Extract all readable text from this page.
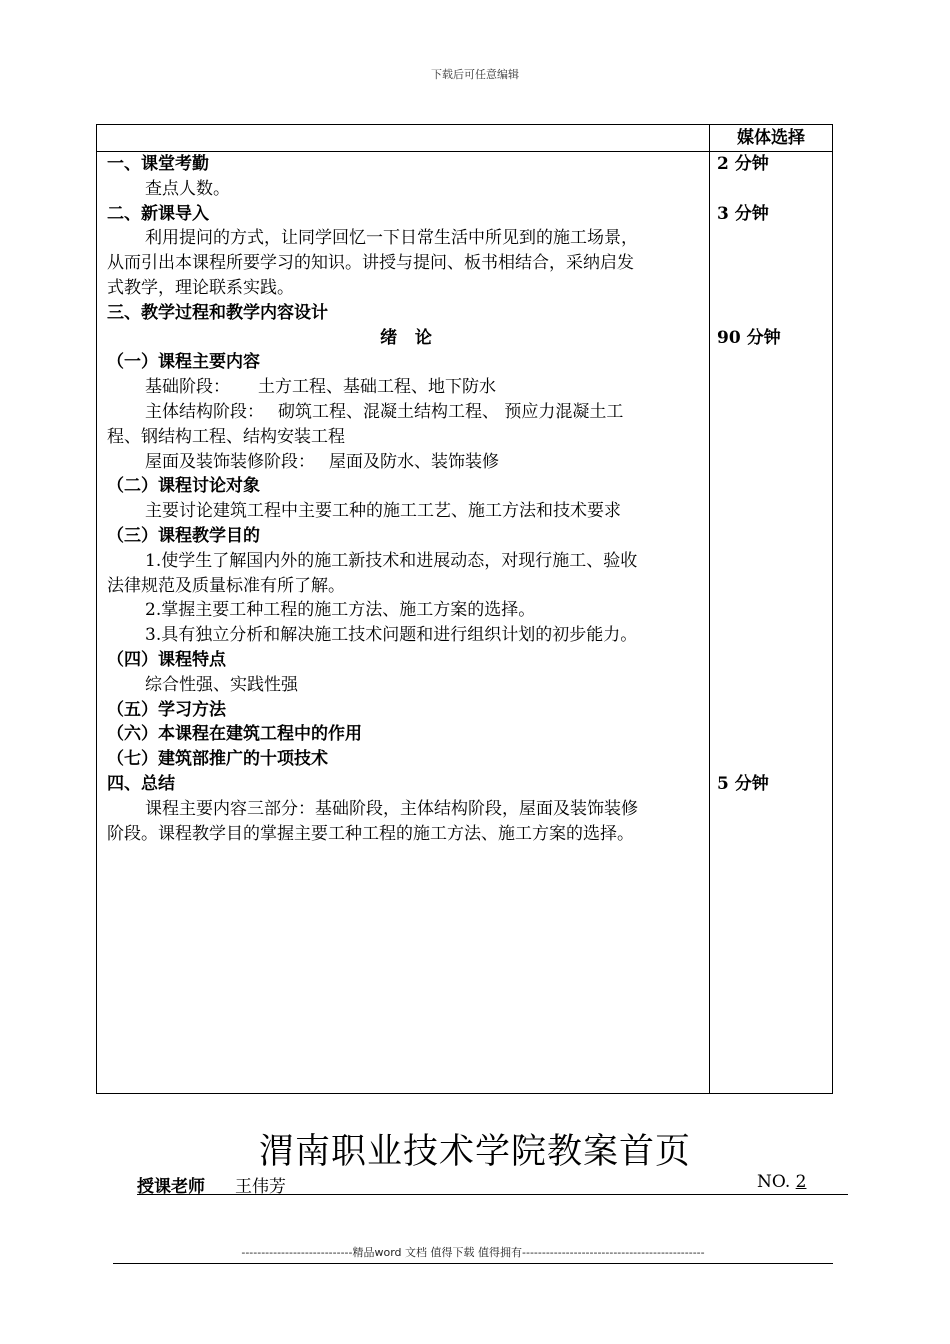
下载后可任意编辑
媒体选择
一、课堂考勤
查点人数。
二、新课导入
利用提问的方式，让同学回忆一下日常生活中所见到的施工场景，
从而引出本课程所要学习的知识。讲授与提问、板书相结合，采纳启发
式教学，理论联系实践。
三、教学过程和教学内容设计
绪   论
（一）课程主要内容
基础阶段： 土方工程、基础工程、地下防水
主体结构阶段： 砌筑工程、混凝土结构工程、 预应力混凝土工
程、钢结构工程、结构安装工程
屋面及装饰装修阶段： 屋面及防水、装饰装修
（二）课程讨论对象
主要讨论建筑工程中主要工种的施工工艺、施工方法和技术要求
（三）课程教学目的
1.使学生了解国内外的施工新技术和进展动态，对现行施工、验收
法律规范及质量标准有所了解。
2.掌握主要工种工程的施工方法、施工方案的选择。
3.具有独立分析和解决施工技术问题和进行组织计划的初步能力。
（四）课程特点
综合性强、实践性强
（五）学习方法
（六）本课程在建筑工程中的作用
（七）建筑部推广的十项技术
四、总结
课程主要内容三部分：基础阶段，主体结构阶段，屋面及装饰装修
阶段。课程教学目的掌握主要工种工程的施工方法、施工方案的选择。
2 分钟
3 分钟
90 分钟
5 分钟
渭南职业技术学院教案首页
授课老师 王伟芳	NO. 2
----------------------------精品word 文档 值得下载 值得拥有----------------------------------------------
